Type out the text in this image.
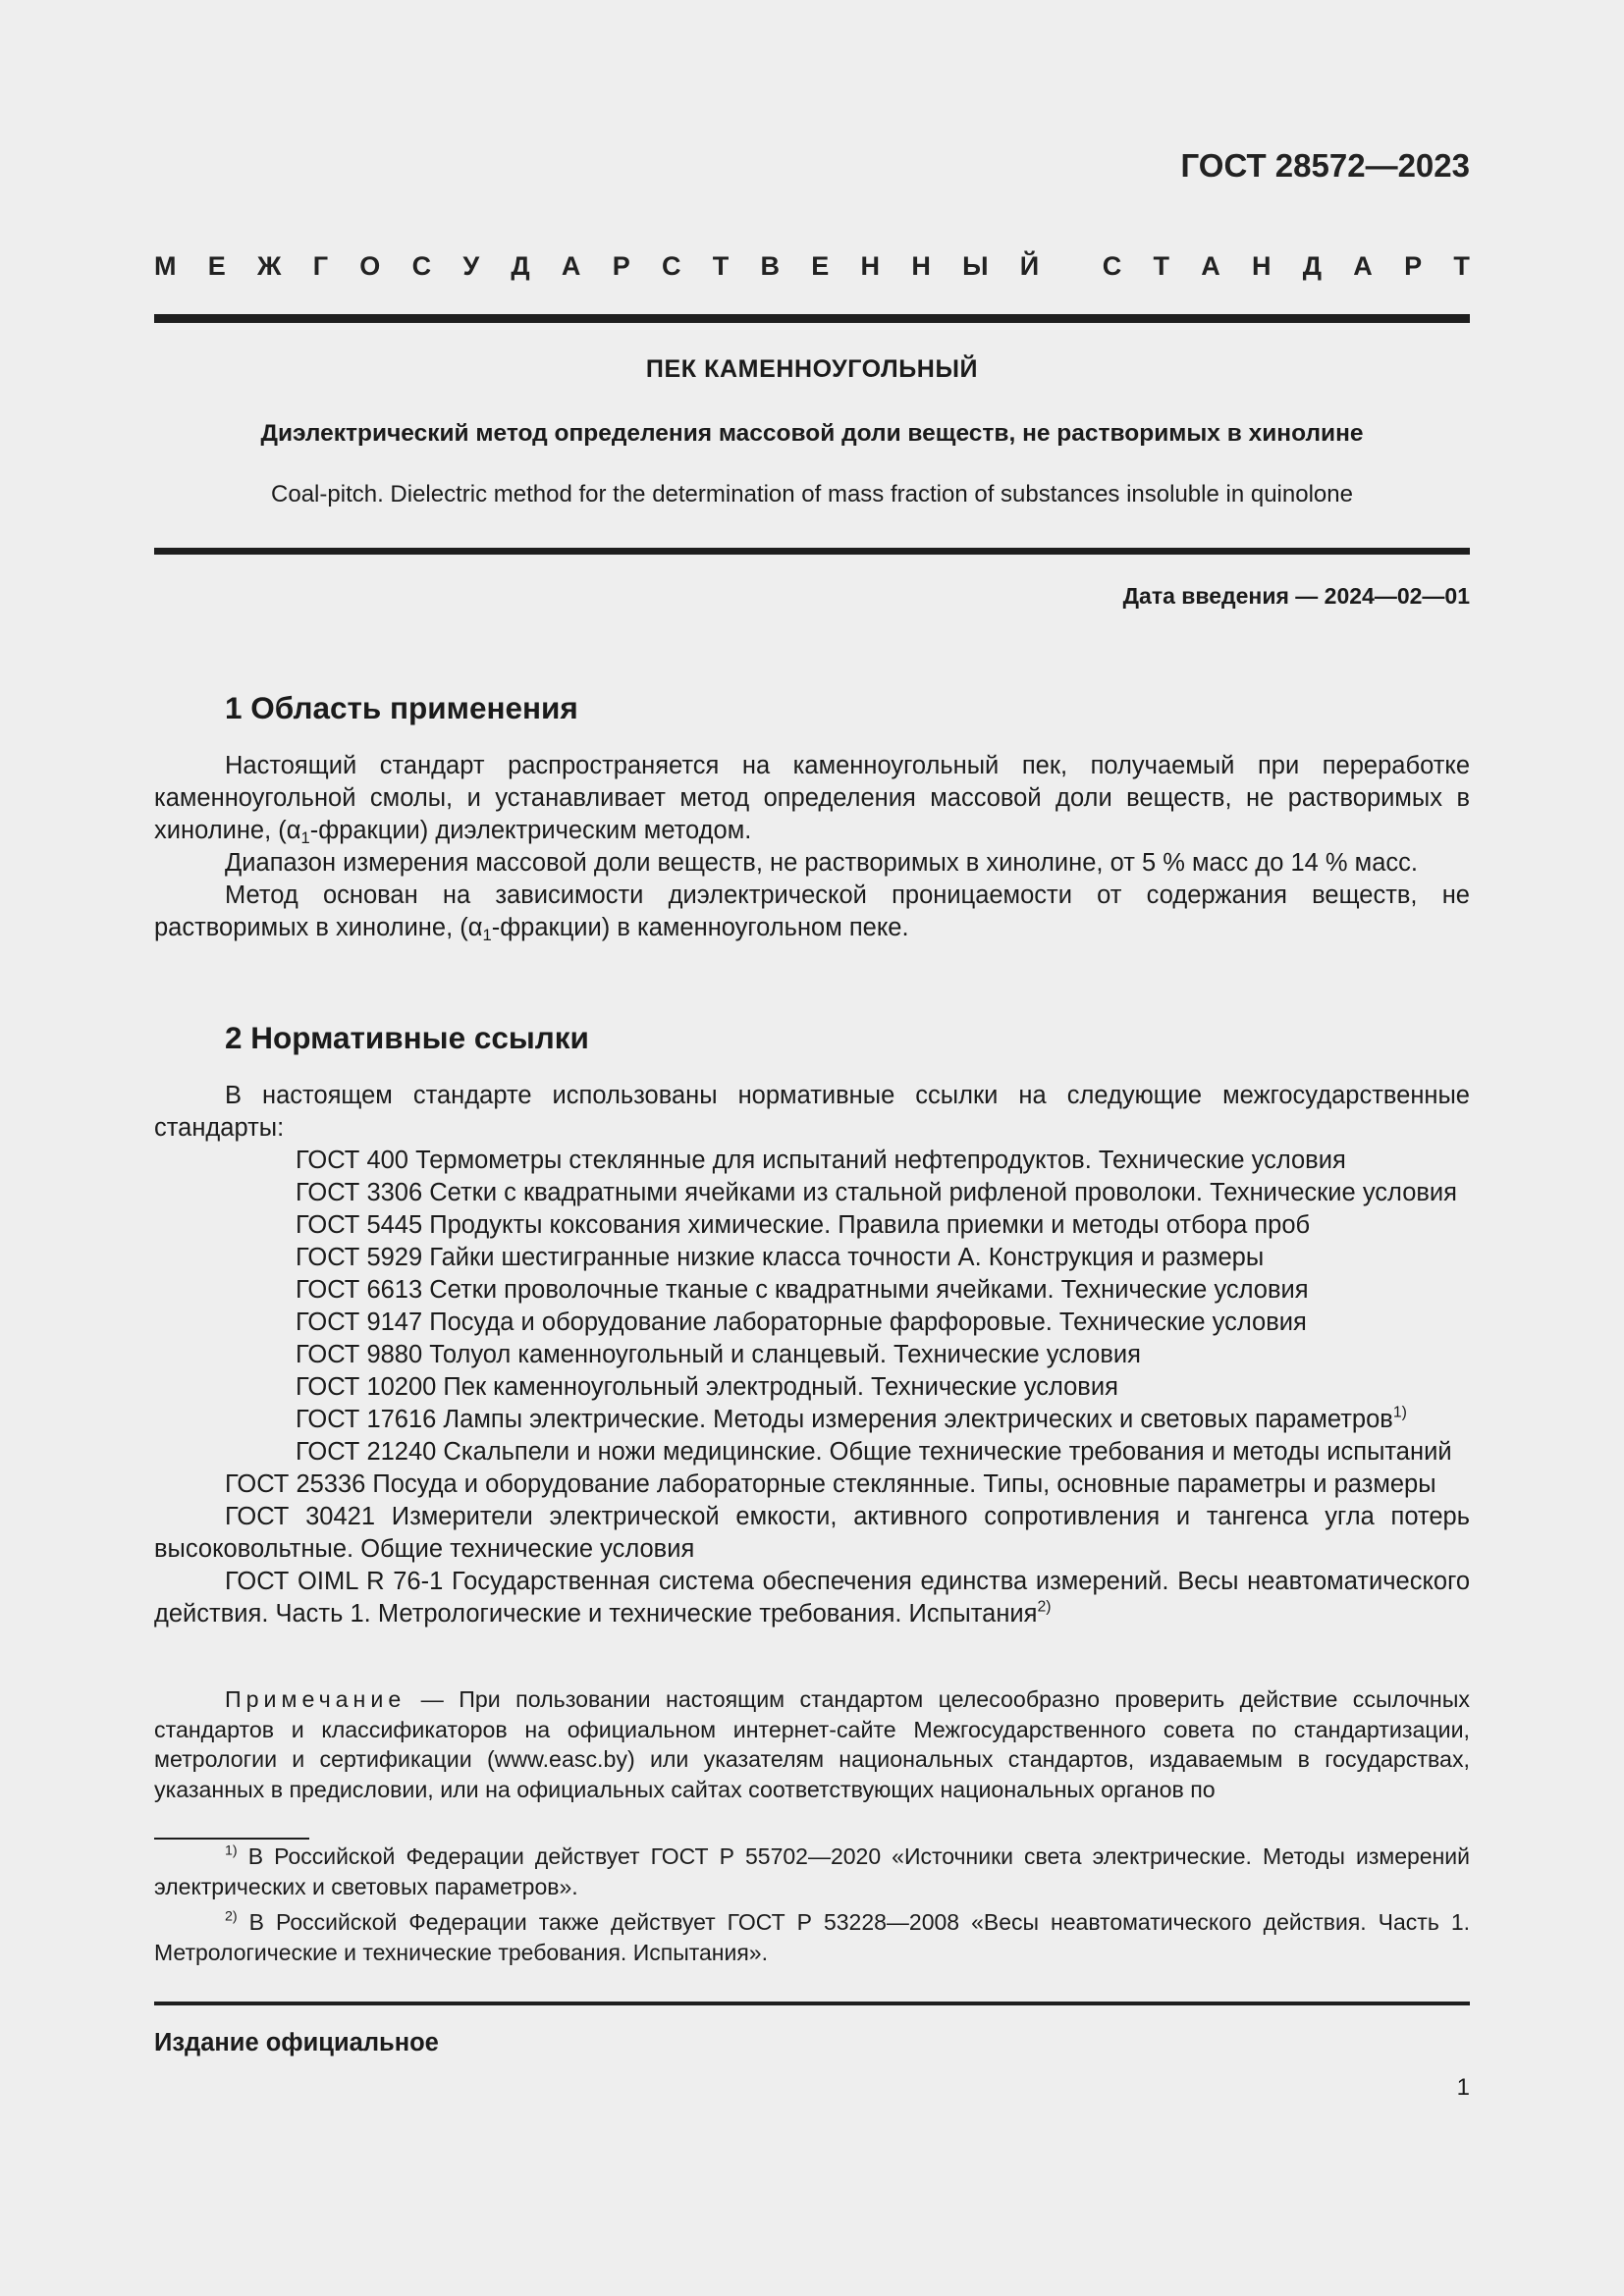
ГОСТ 28572—2023
М Е Ж Г О С У Д А Р С Т В Е Н Н Ы Й С Т А Н Д А Р Т
ПЕК КАМЕННОУГОЛЬНЫЙ
Диэлектрический метод определения массовой доли веществ, не растворимых в хинолине
Coal-pitch. Dielectric method for the determination of mass fraction of substances insoluble in quinolone
Дата введения — 2024—02—01
1 Область применения

Настоящий стандарт распространяется на каменноугольный пек, получаемый при переработке каменноугольной смолы, и устанавливает метод определения массовой доли веществ, не растворимых в хинолине, $(\alpha_1-фракции)$ диэлектрическим методом.

Диапазон измерения массовой доли веществ, не растворимых в хинолине, от 5 % масс до 14 % масс.

Метод основан на зависимости диэлектрической проницаемости от содержания веществ, не растворимых в хинолине, $(\alpha_1-фракции)$ в каменноугольном пеке.

2 Нормативные ссылки

В настоящем стандарте использованы нормативные ссылки на следующие межгосударственные стандарты:

ГОСТ 400 Термометры стеклянные для испытаний нефтепродуктов. Технические условия

ГОСТ 3306 Сетки с квадратными ячейками из стальной рифленой проволоки. Технические условия

ГОСТ 5445 Продукты коксования химические. Правила приемки и методы отбора проб

ГОСТ 5929 Гайки шестигранные низкие класса точности А. Конструкция и размеры

ГОСТ 6613 Сетки проволочные тканые с квадратными ячейками. Технические условия

ГОСТ 9147 Посуда и оборудование лабораторные фарфоровые. Технические условия

ГОСТ 9880 Толуол каменноугольный и сланцевый. Технические условия

ГОСТ 10200 Пек каменноугольный электродный. Технические условия

ГОСТ 17616 Лампы электрические. Методы измерения электрических и световых параметров$^{1)}$

ГОСТ 21240 Скальпели и ножи медицинские. Общие технические требования и методы испытаний

ГОСТ 25336 Посуда и оборудование лабораторные стеклянные. Типы, основные параметры и размеры

ГОСТ 30421 Измерители электрической емкости, активного сопротивления и тангенса угла потерь высоковольтные. Общие технические условия

ГОСТ OIML R 76-1 Государственная система обеспечения единства измерений. Весы неавтоматического действия. Часть 1. Метрологические и технические требования. Испытания$^{2)}$

Примечание — При пользовании настоящим стандартом целесообразно проверить действие ссылочных стандартов и классификаторов на официальном интернет-сайте Межгосударственного совета по стандартизации, метрологии и сертификации (www.easc.by) или указателям национальных стандартов, издаваемым в государствах, указанных в предисловии, или на официальных сайтах соответствующих национальных органов по

$^{1)}$ В Российской Федерации действует ГОСТ Р 55702—2020 «Источники света электрические. Методы измерений электрических и световых параметров».

$^{2)}$ В Российской Федерации также действует ГОСТ Р 53228—2008 «Весы неавтоматического действия. Часть 1. Метрологические и технические требования. Испытания».

Издание официальное
1
